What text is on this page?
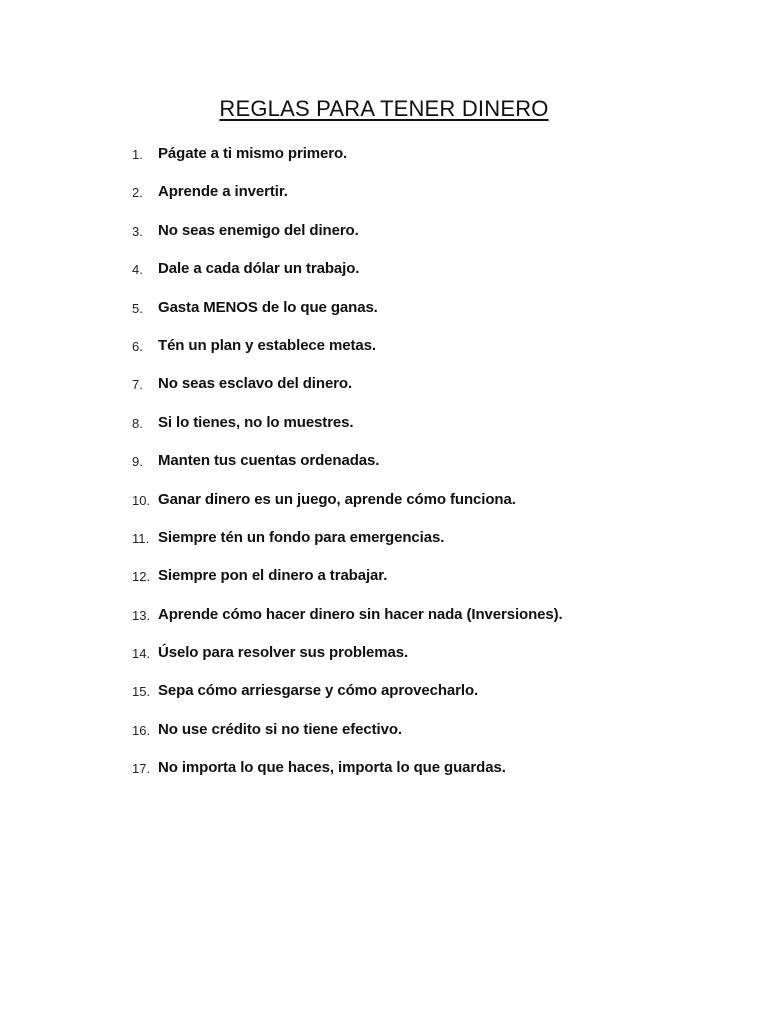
REGLAS PARA TENER DINERO
1.	Págate a ti mismo primero.
2.	Aprende a invertir.
3.	No seas enemigo del dinero.
4.	Dale a cada dólar un trabajo.
5.	Gasta MENOS de lo que ganas.
6.	Tén un plan y establece metas.
7.	No seas esclavo del dinero.
8.	Si lo tienes, no lo muestres.
9.	Manten tus cuentas ordenadas.
10. Ganar dinero es un juego, aprende cómo funciona.
11. Siempre tén un fondo para emergencias.
12. Siempre pon el dinero a trabajar.
13. Aprende cómo hacer dinero sin hacer nada (Inversiones).
14. Úselo para resolver sus problemas.
15. Sepa cómo arriesgarse y cómo aprovecharlo.
16. No use crédito si no tiene efectivo.
17. No importa lo que haces, importa lo que guardas.
